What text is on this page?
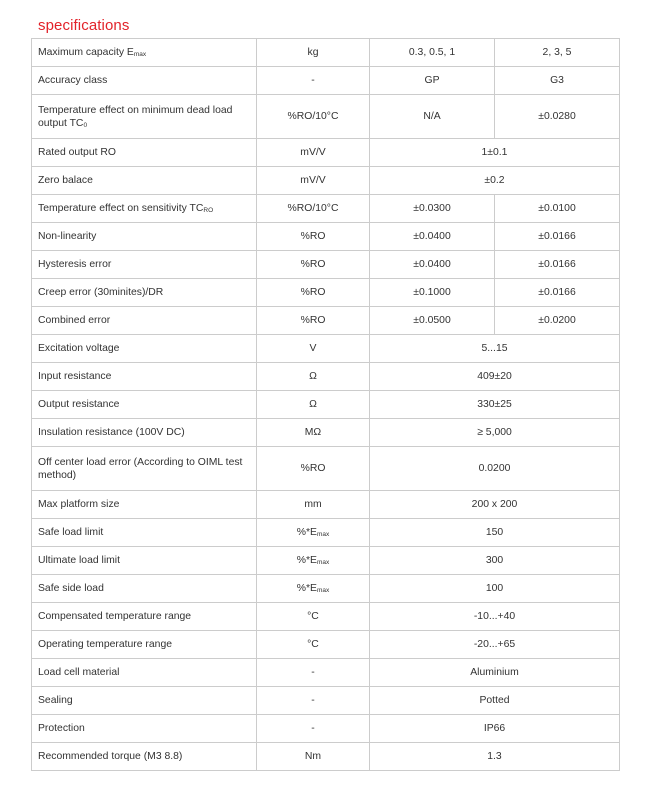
specifications
Maximum capacity $E_{max}$	kg	0.3, 0.5, 1	2, 3, 5
Accuracy class	-	GP	G3
Temperature effect on minimum dead load output $TC_0$	%RO/10°C	N/A	±0.0280
Rated output RO	mV/V	1±0.1	
Zero balace	mV/V	±0.2	
Temperature effect on sensitivity $TC_{RO}$	%RO/10°C	±0.0300	±0.0100
Non-linearity	%RO	±0.0400	±0.0166
Hysteresis error	%RO	±0.0400	±0.0166
Creep error (30minites)/DR	%RO	±0.1000	±0.0166
Combined error	%RO	±0.0500	±0.0200
Excitation voltage	V	5...15	
Input resistance	Ω	409±20	
Output resistance	Ω	330±25	
Insulation resistance (100V DC)	MΩ	≥ 5,000	
Off center load error (According to OIML test method)	%RO	0.0200	
Max platform size	mm	200 x 200	
Safe load limit	$\%*E_{max}$	150	
Ultimate load limit	$\%*E_{max}$	300	
Safe side load	$\%*E_{max}$	100	
Compensated temperature range	°C	-10...+40	
Operating temperature range	°C	-20...+65	
Load cell material	-	Aluminium	
Sealing	-	Potted	
Protection	-	IP66	
Recommended torque (M3 8.8)	Nm	1.3	
